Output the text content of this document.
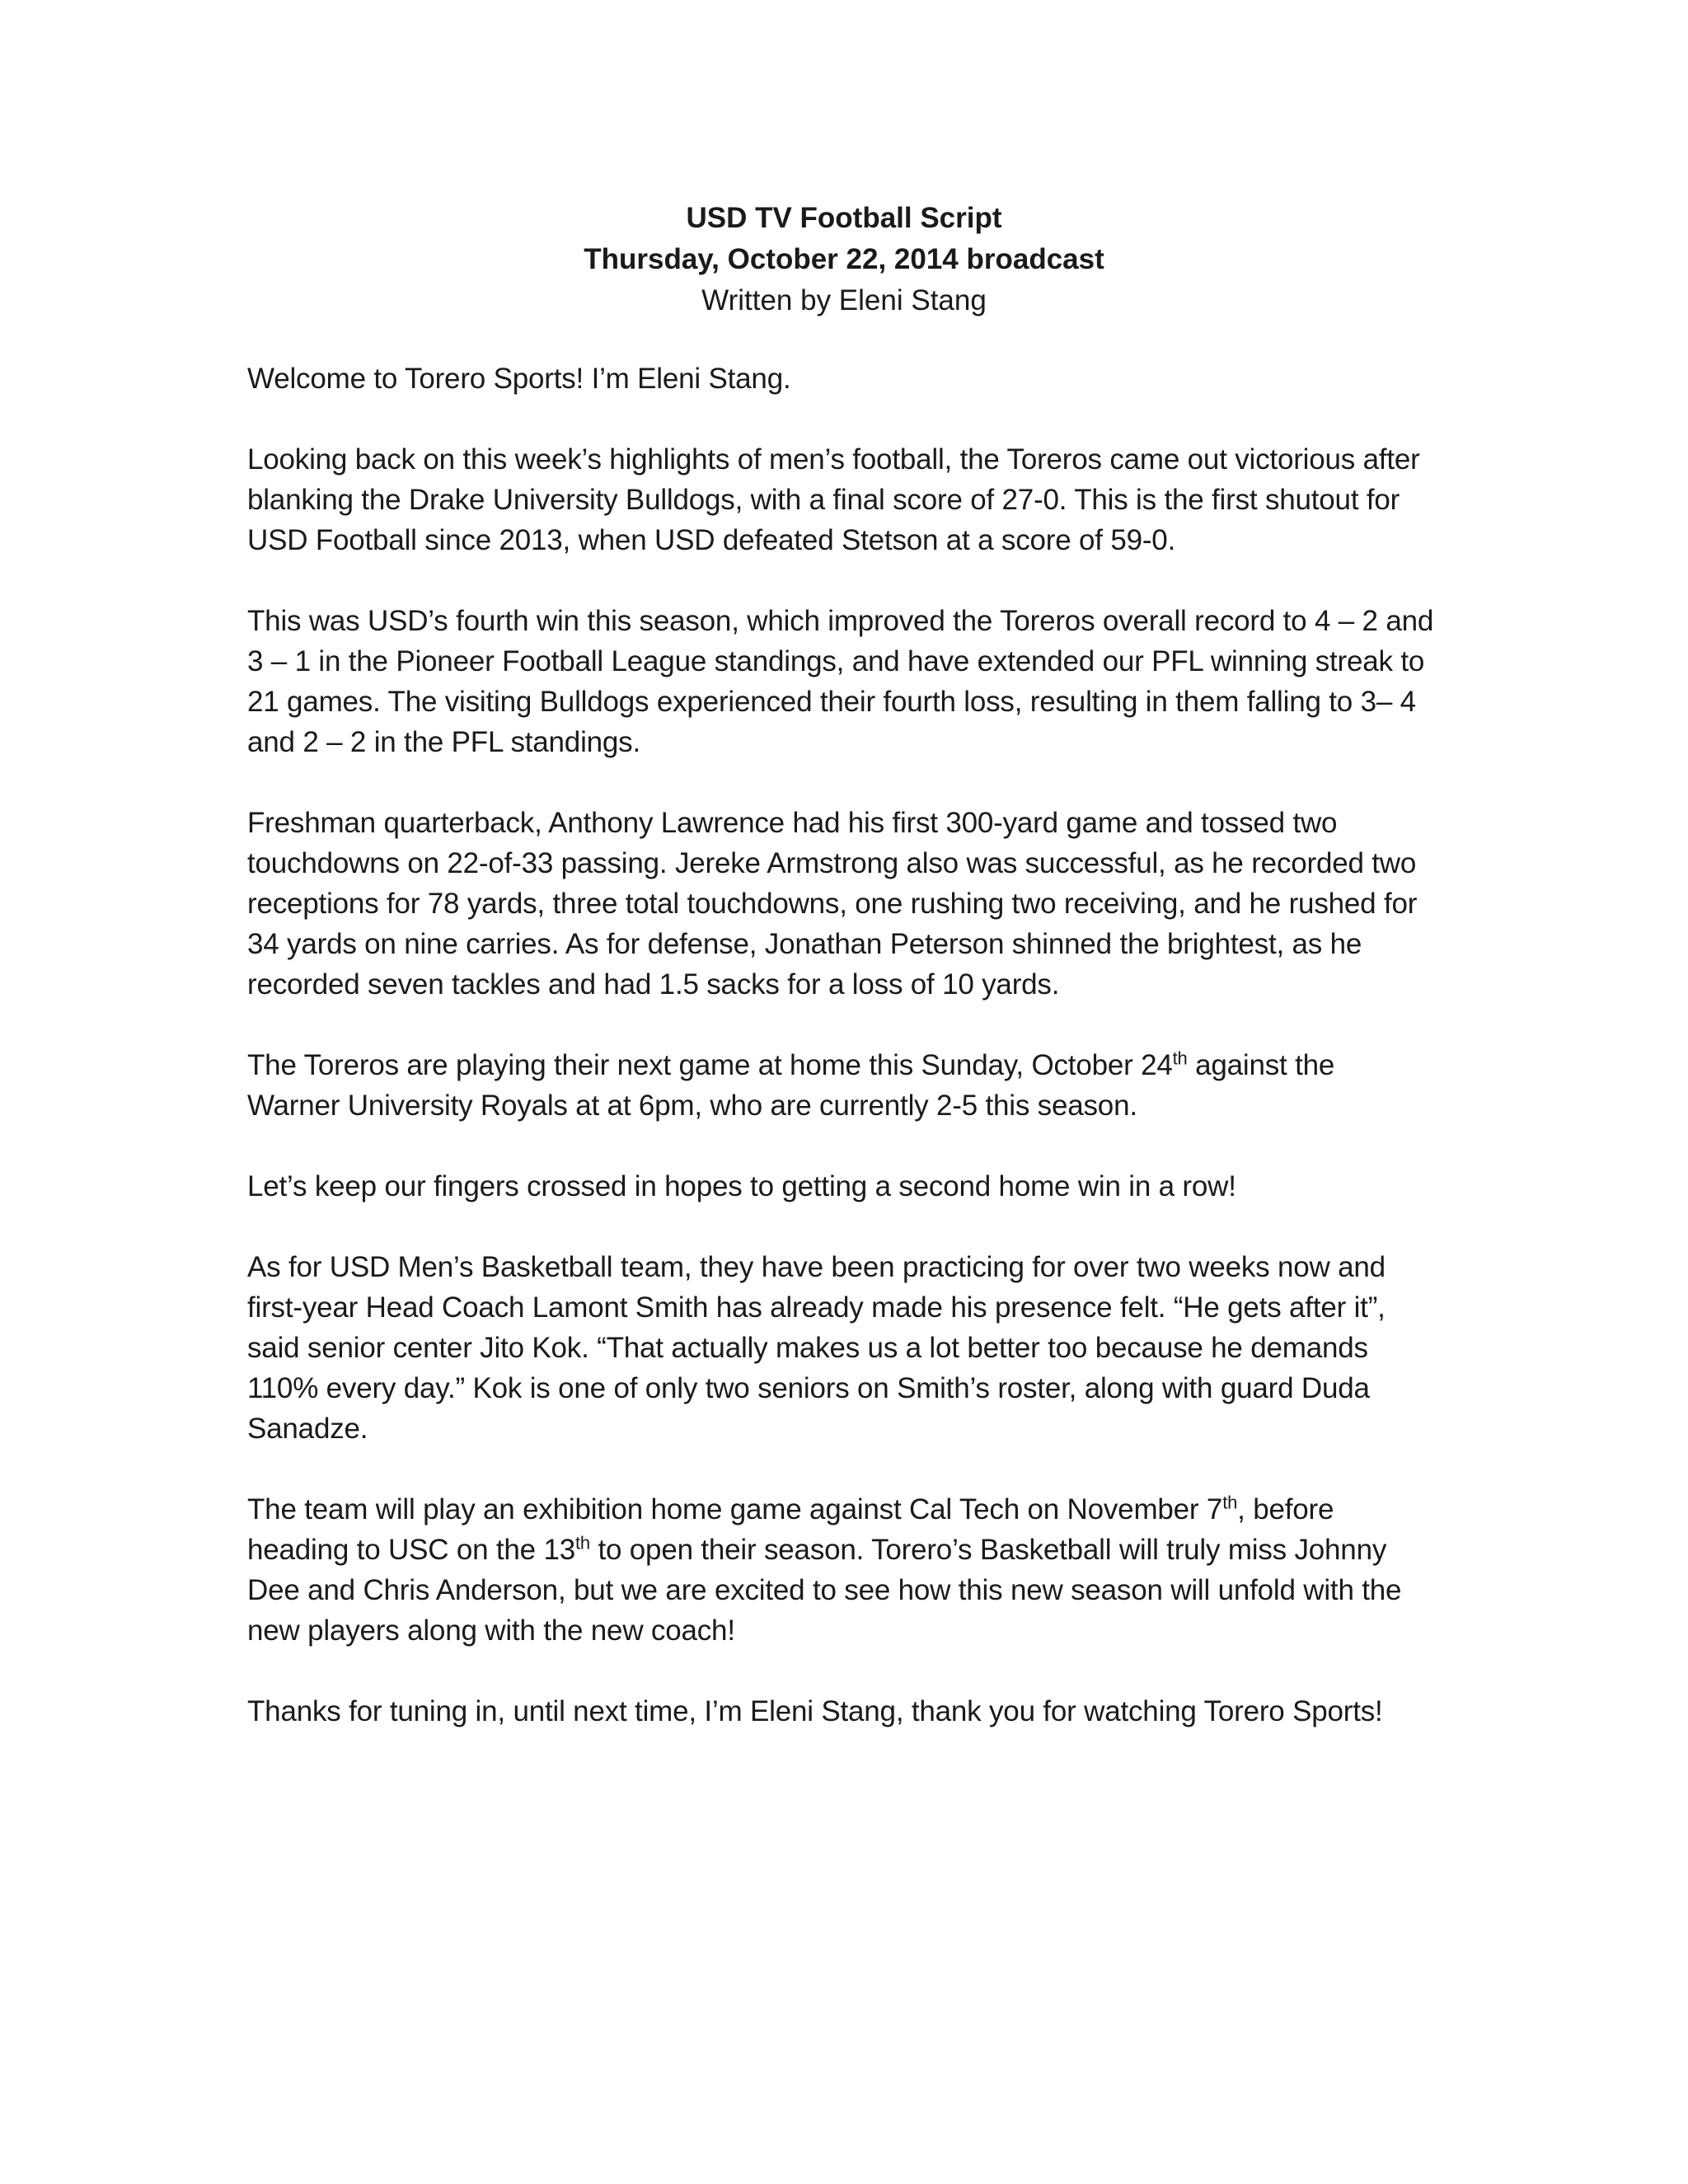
USD TV Football Script

Thursday, October 22, 2014 broadcast

Written by Eleni Stang

Welcome to Torero Sports! I’m Eleni Stang.

Looking back on this week’s highlights of men’s football, the Toreros came out victorious after blanking the Drake University Bulldogs, with a final score of 27-0. This is the first shutout for USD Football since 2013, when USD defeated Stetson at a score of 59-0.

This was USD’s fourth win this season, which improved the Toreros overall record to 4 – 2 and 3 – 1 in the Pioneer Football League standings, and have extended our PFL winning streak to 21 games. The visiting Bulldogs experienced their fourth loss, resulting in them falling to 3– 4 and 2 – 2 in the PFL standings.

Freshman quarterback, Anthony Lawrence had his first 300-yard game and tossed two touchdowns on 22-of-33 passing. Jereke Armstrong also was successful, as he recorded two receptions for 78 yards, three total touchdowns, one rushing two receiving, and he rushed for 34 yards on nine carries. As for defense, Jonathan Peterson shinned the brightest, as he recorded seven tackles and had 1.5 sacks for a loss of 10 yards.

The Toreros are playing their next game at home this Sunday, October 24th against the Warner University Royals at at 6pm, who are currently 2-5 this season.

Let’s keep our fingers crossed in hopes to getting a second home win in a row!

As for USD Men’s Basketball team, they have been practicing for over two weeks now and first-year Head Coach Lamont Smith has already made his presence felt. “He gets after it”, said senior center Jito Kok. “That actually makes us a lot better too because he demands 110% every day.” Kok is one of only two seniors on Smith’s roster, along with guard Duda Sanadze.

The team will play an exhibition home game against Cal Tech on November 7th, before heading to USC on the 13th to open their season. Torero’s Basketball will truly miss Johnny Dee and Chris Anderson, but we are excited to see how this new season will unfold with the new players along with the new coach!

Thanks for tuning in, until next time, I’m Eleni Stang, thank you for watching Torero Sports!
